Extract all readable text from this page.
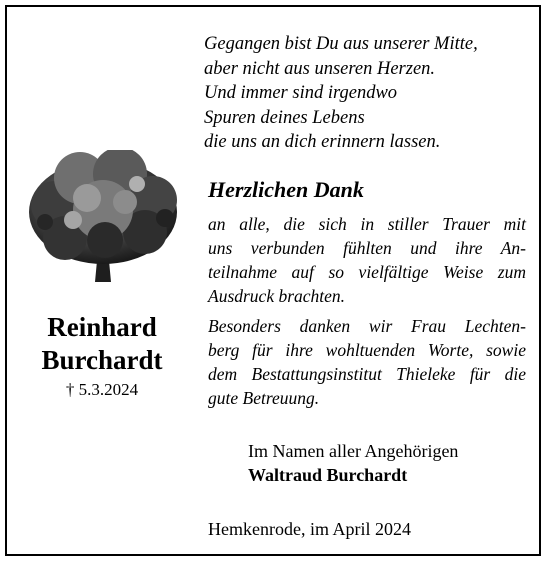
Gegangen bist Du aus unserer Mitte,
aber nicht aus unseren Herzen.
Und immer sind irgendwo
Spuren deines Lebens
die uns an dich erinnern lassen.
Reinhard
Burchardt
† 5.3.2024
Herzlichen Dank
an alle, die sich in stiller Trauer mit
uns verbunden fühlten und ihre An-
teilnahme auf so vielfältige Weise zum
Ausdruck brachten.
Besonders danken wir Frau Lechten-
berg für ihre wohltuenden Worte, sowie
dem Bestattungsinstitut Thieleke für die
gute Betreuung.
Im Namen aller Angehörigen
Waltraud Burchardt
Hemkenrode, im April 2024
